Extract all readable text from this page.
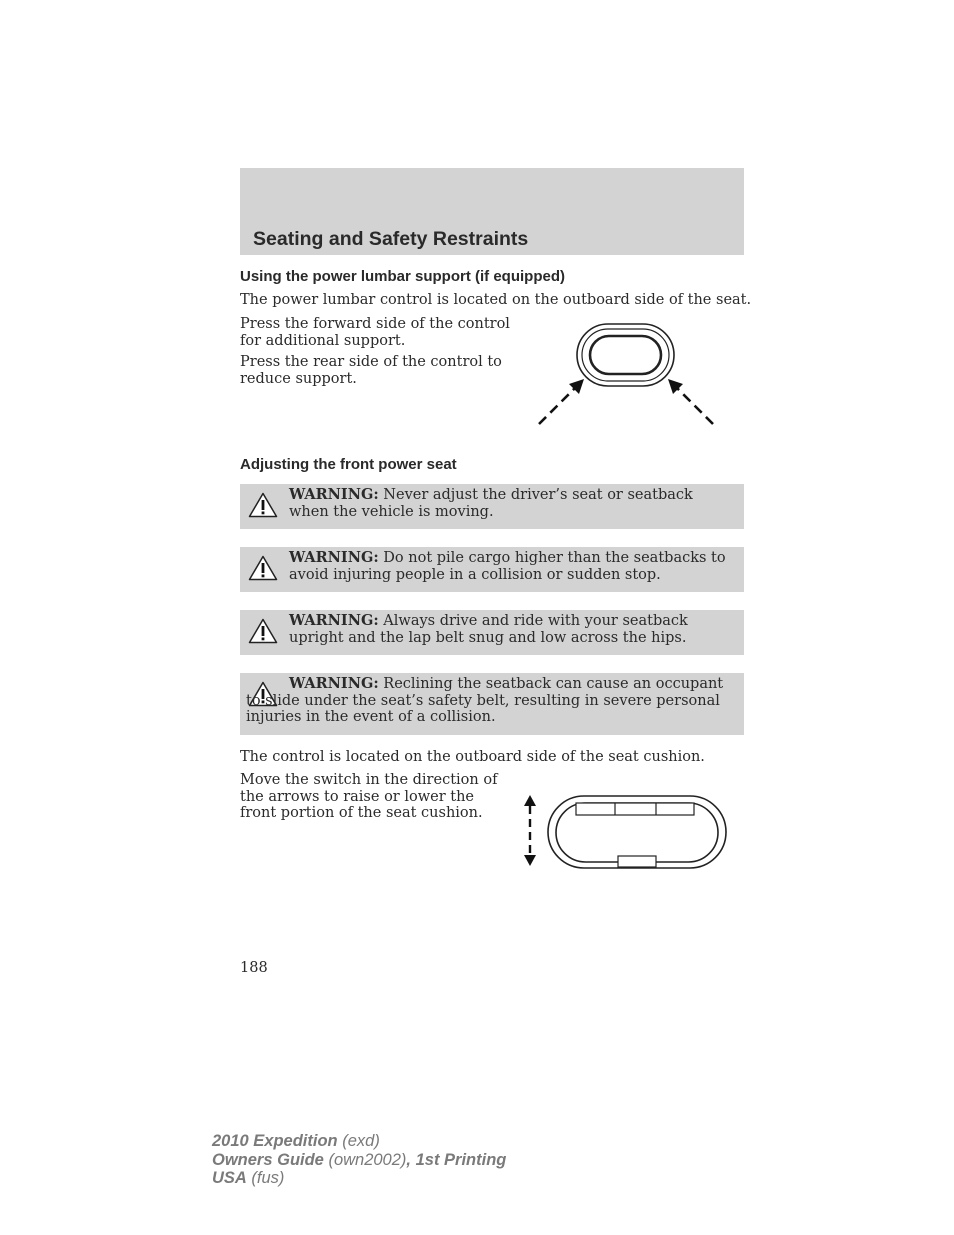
Seating and Safety Restraints
Using the power lumbar support (if equipped)
The power lumbar control is located on the outboard side of the seat.
Press the forward side of the control
for additional support.
Press the rear side of the control to
reduce support.
Adjusting the front power seat
WARNING: Never adjust the driver’s seat or seatback when the vehicle is moving.
WARNING: Do not pile cargo higher than the seatbacks to avoid injuring people in a collision or sudden stop.
WARNING: Always drive and ride with your seatback upright and the lap belt snug and low across the hips.
WARNING: Reclining the seatback can cause an occupant to slide under the seat’s safety belt, resulting in severe personal injuries in the event of a collision.
The control is located on the outboard side of the seat cushion.
Move the switch in the direction of
the arrows to raise or lower the
front portion of the seat cushion.
188
2010 Expedition (exd)
Owners Guide (own2002), 1st Printing
USA (fus)
